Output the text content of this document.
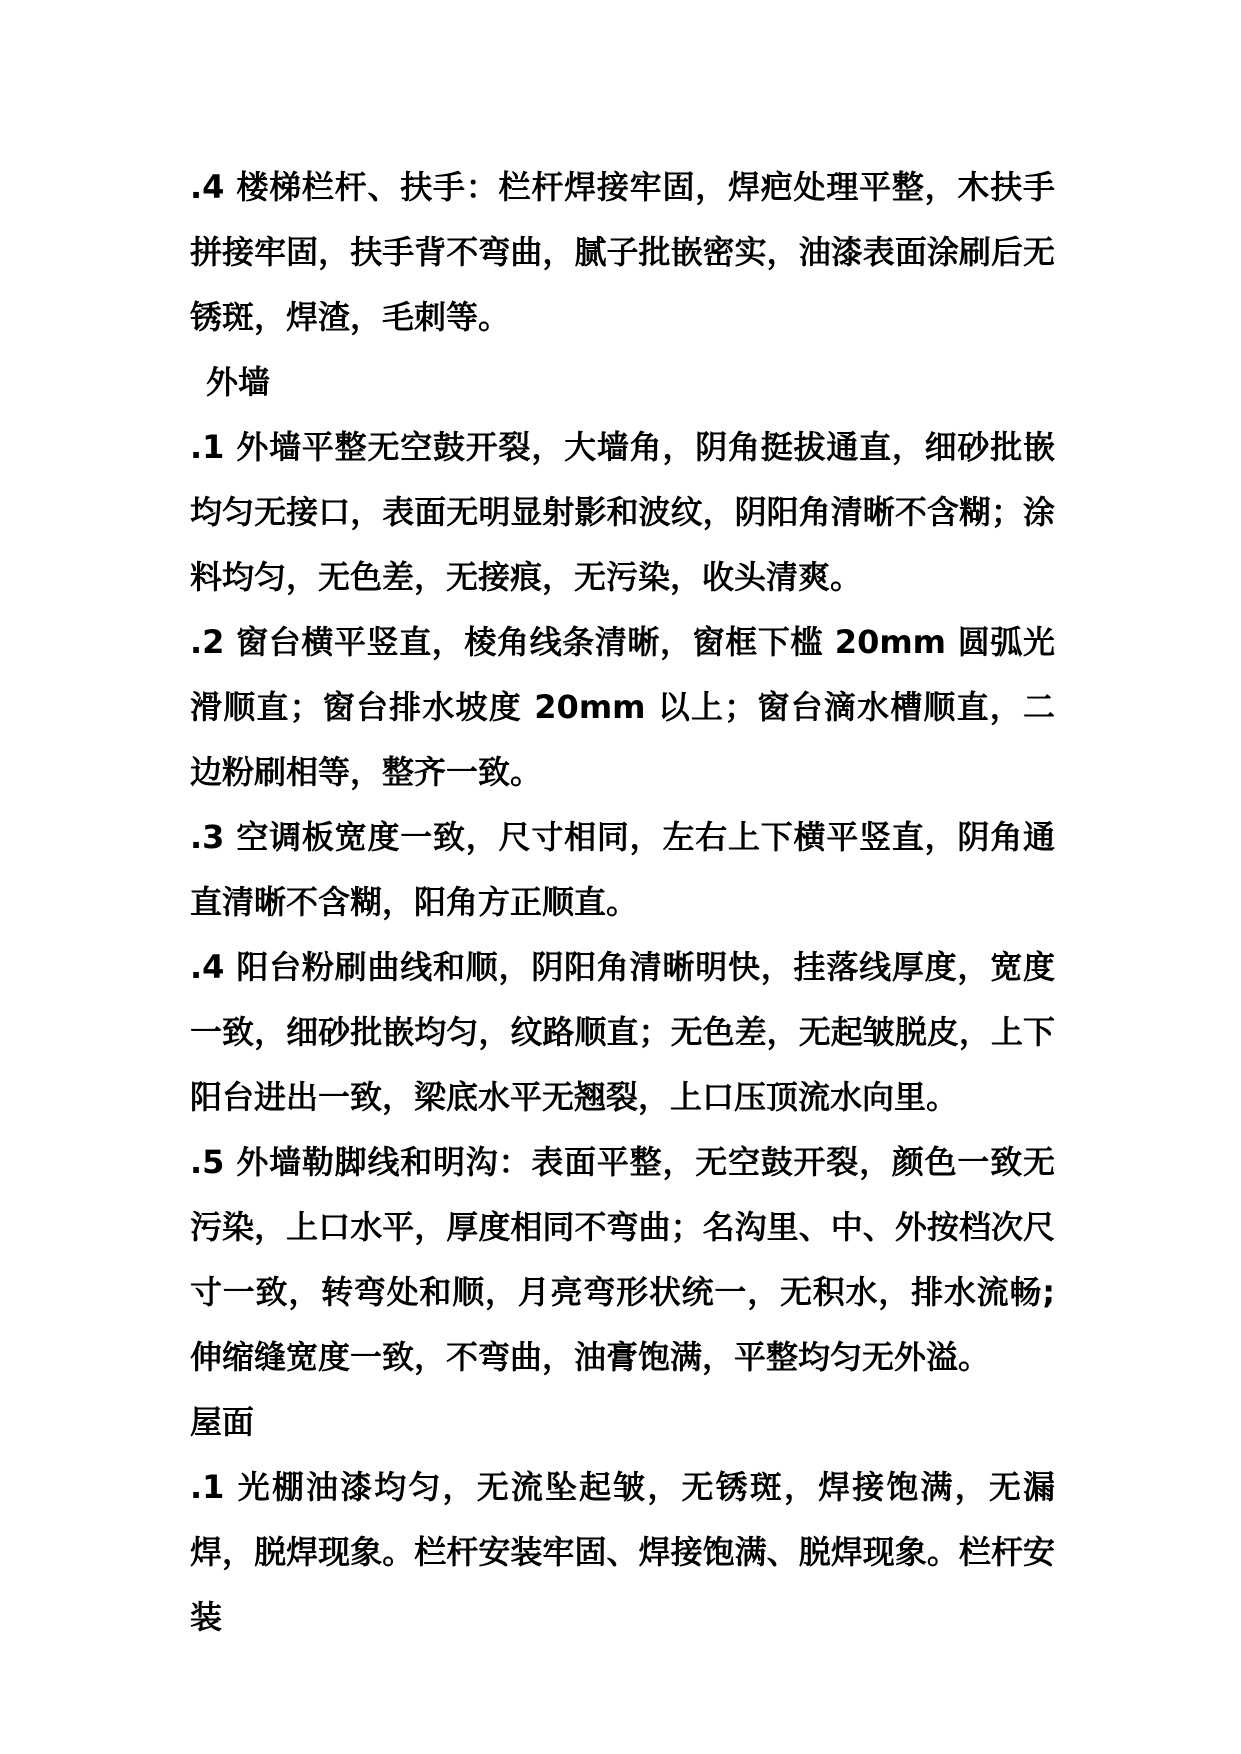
.4 楼梯栏杆、扶手：栏杆焊接牢固，焊疤处理平整，木扶手拼接牢固，扶手背不弯曲，腻子批嵌密实，油漆表面涂刷后无锈斑，焊渣，毛刺等。

外墙

.1 外墙平整无空鼓开裂，大墙角，阴角挺拔通直，细砂批嵌均匀无接口，表面无明显射影和波纹，阴阳角清晰不含糊；涂料均匀，无色差，无接痕，无污染，收头清爽。

.2 窗台横平竖直，棱角线条清晰，窗框下槛 20mm 圆弧光滑顺直；窗台排水坡度 20mm 以上；窗台滴水槽顺直，二边粉刷相等，整齐一致。

.3 空调板宽度一致，尺寸相同，左右上下横平竖直，阴角通直清晰不含糊，阳角方正顺直。

.4 阳台粉刷曲线和顺，阴阳角清晰明快，挂落线厚度，宽度一致，细砂批嵌均匀，纹路顺直；无色差，无起皱脱皮，上下阳台进出一致，梁底水平无翘裂，上口压顶流水向里。

.5 外墙勒脚线和明沟：表面平整，无空鼓开裂，颜色一致无污染，上口水平，厚度相同不弯曲；名沟里、中、外按档次尺寸一致，转弯处和顺，月亮弯形状统一，无积水，排水流畅;伸缩缝宽度一致，不弯曲，油膏饱满，平整均匀无外溢。

屋面

.1 光棚油漆均匀，无流坠起皱，无锈斑，焊接饱满，无漏焊，脱焊现象。栏杆安装牢固、焊接饱满、脱焊现象。栏杆安装
